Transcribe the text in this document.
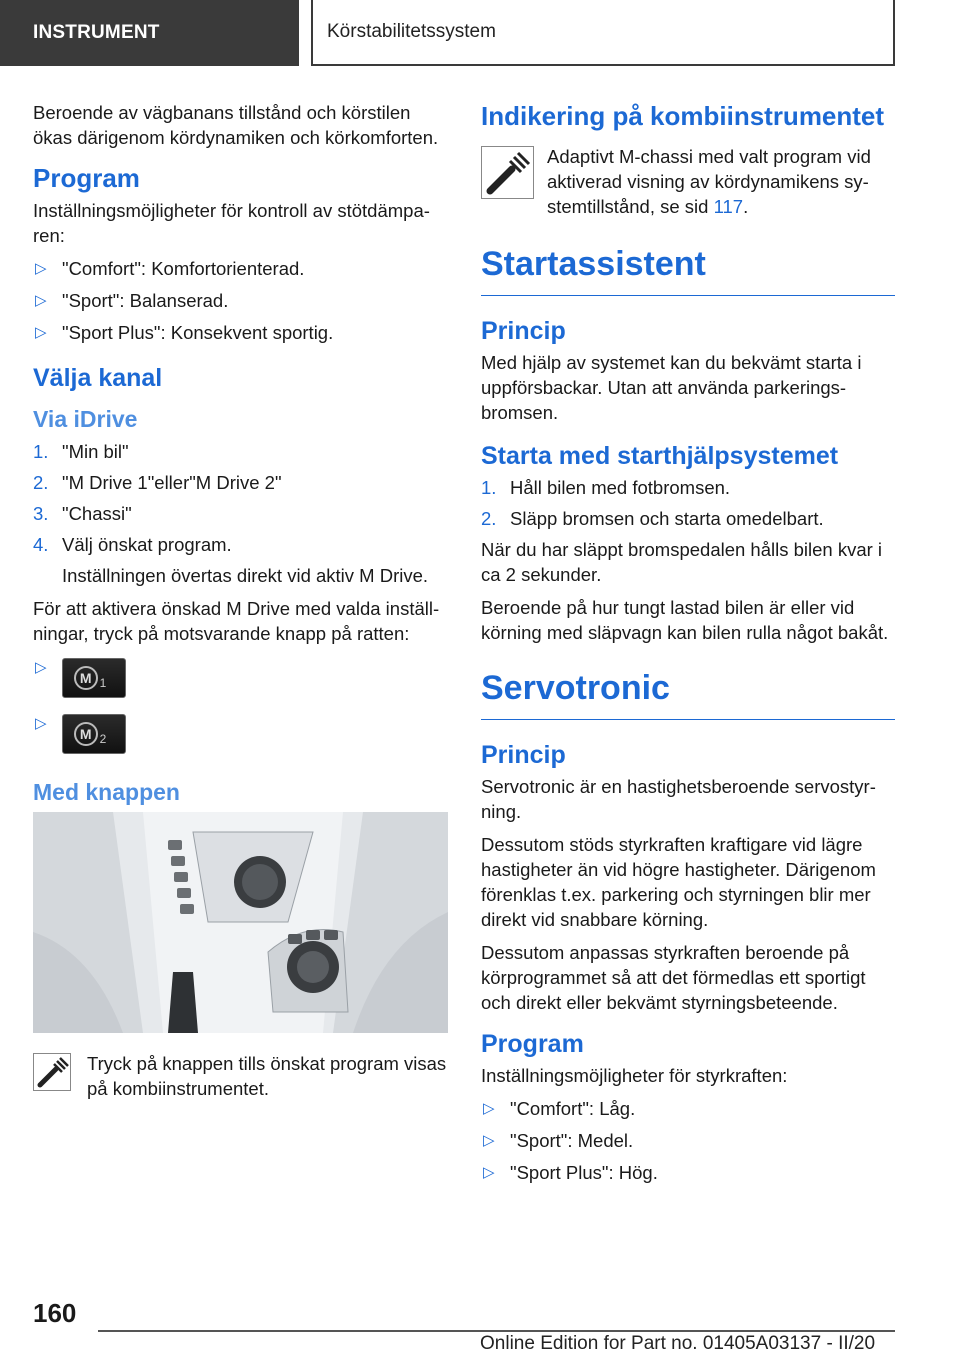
INSTRUMENT	Körstabilitetssystem

Beroende av vägbanans tillstånd och körstilen ökas därigenom kördynamiken och körkomforten.

Program

Inställningsmöjligheter för kontroll av stötdämparen:

▷ "Comfort": Komfortorienterad.
▷ "Sport": Balanserad.
▷ "Sport Plus": Konsekvent sportig.
Välja kanal
Via iDrive
1. "Min bil"
2. "M Drive 1"eller"M Drive 2"
3. "Chassi"
4. Välj önskat program.
Inställningen övertas direkt vid aktiv M Drive.

För att aktivera önskad M Drive med valda inställningar, tryck på motsvarande knapp på ratten:

▷
M 1
▷
M 2
Med knappen
Tryck på knappen tills önskat program visas på kombiinstrumentet.
Indikering på kombiinstrumentet
Adaptivt M-chassi med valt program vid aktiverad visning av kördynamikens systemtillstånd, se sid 117.
Startassistent
Princip

Med hjälp av systemet kan du bekvämt starta i uppförsbackar. Utan att använda parkeringsbromsen.

Starta med starthjälpsystemet
1. Håll bilen med fotbromsen.
2. Släpp bromsen och starta omedelbart.

När du har släppt bromspedalen hålls bilen kvar i ca 2 sekunder.

Beroende på hur tungt lastad bilen är eller vid körning med släpvagn kan bilen rulla något bakåt.

Servotronic
Princip

Servotronic är en hastighetsberoende servostyrning.

Dessutom stöds styrkraften kraftigare vid lägre hastigheter än vid högre hastigheter. Därigenom förenklas t.ex. parkering och styrningen blir mer direkt vid snabbare körning.

Dessutom anpassas styrkraften beroende på körprogrammet så att det förmedlas ett sportigt och direkt eller bekvämt styrningsbeteende.

Program

Inställningsmöjligheter för styrkraften:

▷ "Comfort": Låg.
▷ "Sport": Medel.
▷ "Sport Plus": Hög.
160
Online Edition for Part no. 01405A03137 - II/20
